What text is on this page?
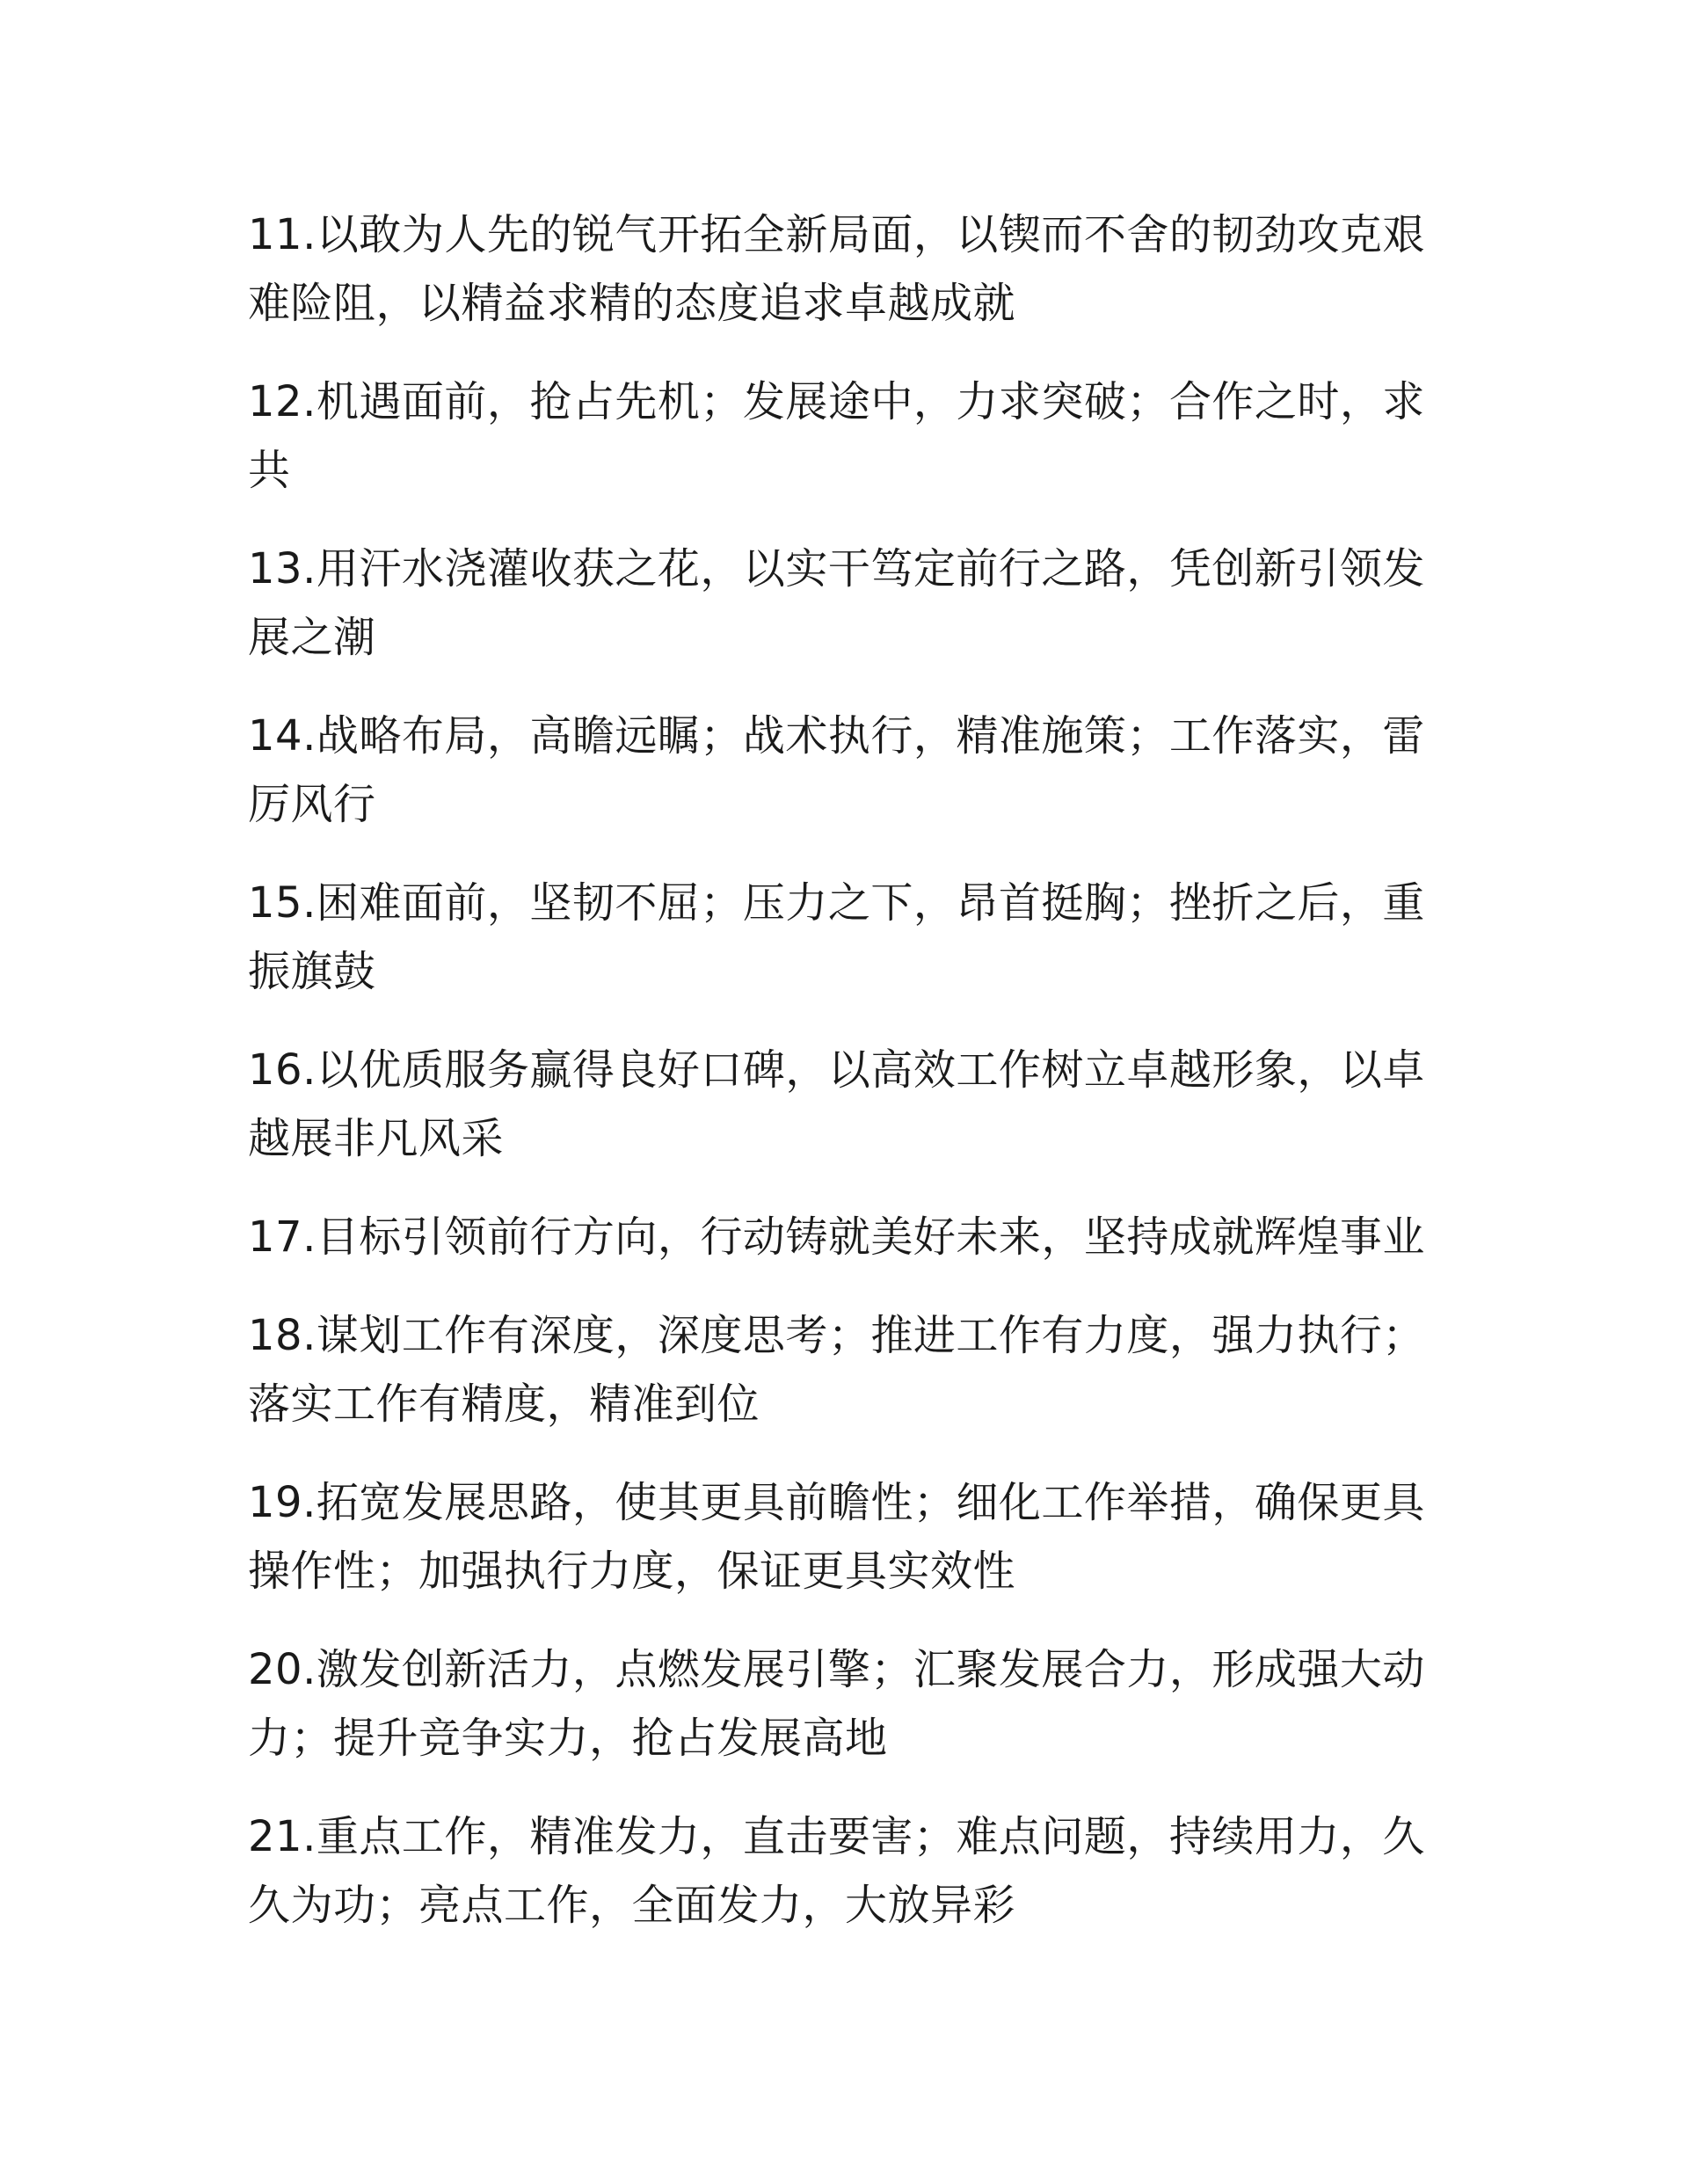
11.以敢为人先的锐气开拓全新局面，以锲而不舍的韧劲攻克艰难险阻，以精益求精的态度追求卓越成就

12.机遇面前，抢占先机；发展途中，力求突破；合作之时，求共

13.用汗水浇灌收获之花，以实干笃定前行之路，凭创新引领发展之潮

14.战略布局，高瞻远瞩；战术执行，精准施策；工作落实，雷厉风行

15.困难面前，坚韧不屈；压力之下，昂首挺胸；挫折之后，重振旗鼓

16.以优质服务赢得良好口碑，以高效工作树立卓越形象，以卓越展非凡风采

17.目标引领前行方向，行动铸就美好未来，坚持成就辉煌事业

18.谋划工作有深度，深度思考；推进工作有力度，强力执行；落实工作有精度，精准到位

19.拓宽发展思路，使其更具前瞻性；细化工作举措，确保更具操作性；加强执行力度，保证更具实效性

20.激发创新活力，点燃发展引擎；汇聚发展合力，形成强大动力；提升竞争实力，抢占发展高地

21.重点工作，精准发力，直击要害；难点问题，持续用力，久久为功；亮点工作，全面发力，大放异彩
